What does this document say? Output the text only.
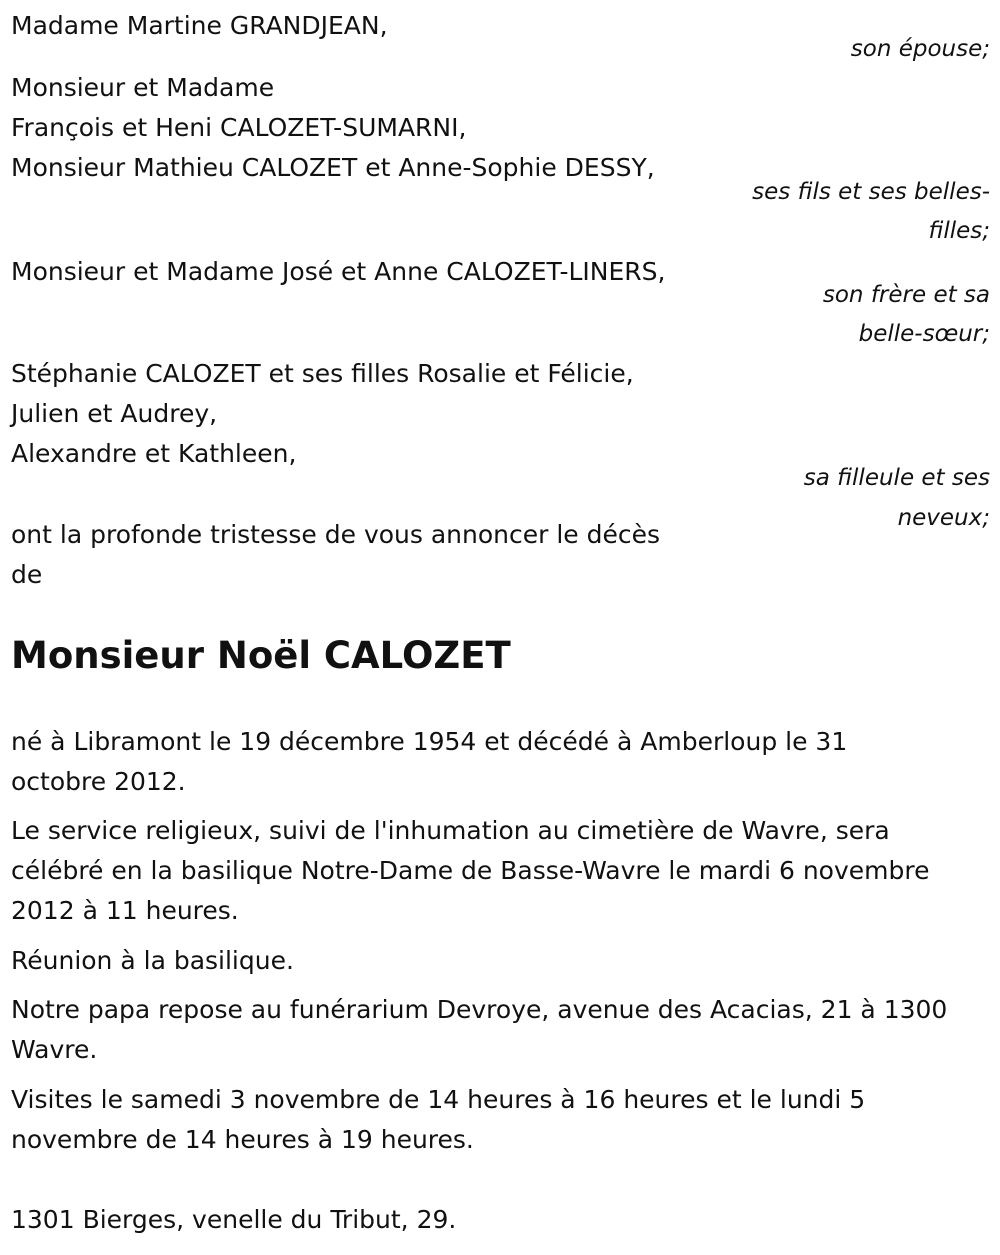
Madame Martine GRANDJEAN,
son épouse;
Monsieur et Madame
François et Heni CALOZET-SUMARNI,
Monsieur Mathieu CALOZET et Anne-Sophie DESSY,
ses fils et ses belles-
filles;
Monsieur et Madame José et Anne CALOZET-LINERS,
son frère et sa
belle-sœur;
Stéphanie CALOZET et ses filles Rosalie et Félicie,
Julien et Audrey,
Alexandre et Kathleen,
sa filleule et ses
neveux;
ont la profonde tristesse de vous annoncer le décès
de
Monsieur Noël CALOZET
né à Libramont le 19 décembre 1954 et décédé à Amberloup le 31
octobre 2012.
Le service religieux, suivi de l'inhumation au cimetière de Wavre, sera
célébré en la basilique Notre-Dame de Basse-Wavre le mardi 6 novembre
2012 à 11 heures.
Réunion à la basilique.
Notre papa repose au funérarium Devroye, avenue des Acacias, 21 à 1300
Wavre.
Visites le samedi 3 novembre de 14 heures à 16 heures et le lundi 5
novembre de 14 heures à 19 heures.
1301 Bierges, venelle du Tribut, 29.
